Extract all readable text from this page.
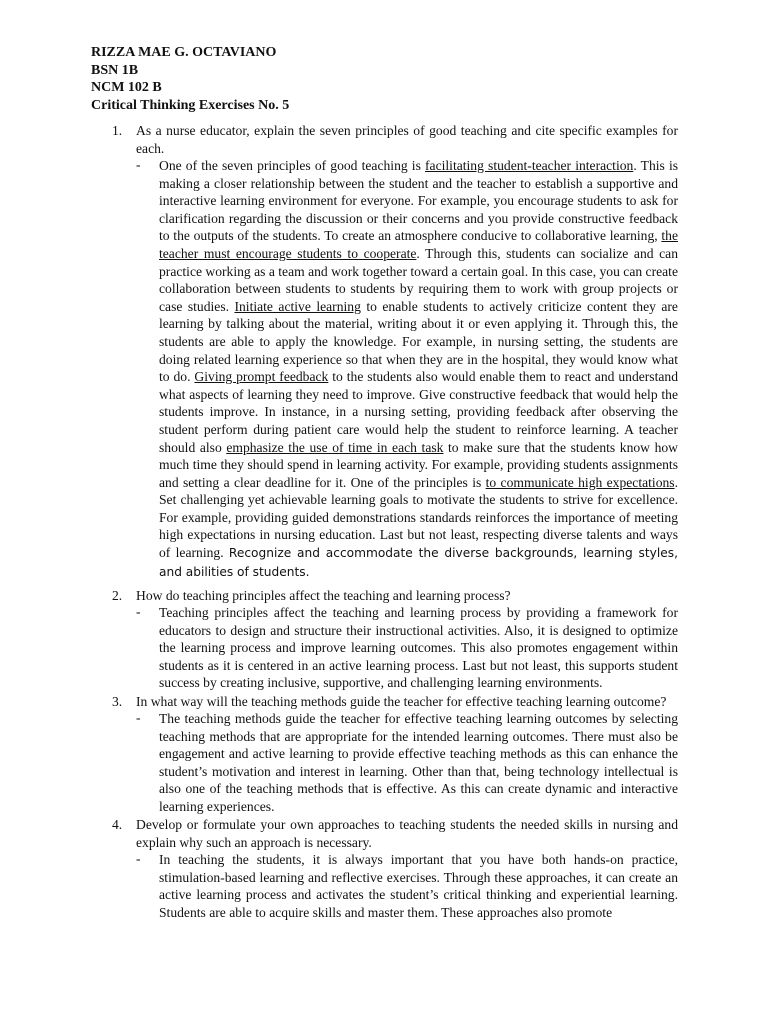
RIZZA MAE G. OCTAVIANO
BSN 1B
NCM 102 B
Critical Thinking Exercises No. 5
1. As a nurse educator, explain the seven principles of good teaching and cite specific examples for each.
- One of the seven principles of good teaching is facilitating student-teacher interaction. This is making a closer relationship between the student and the teacher to establish a supportive and interactive learning environment for everyone. For example, you encourage students to ask for clarification regarding the discussion or their concerns and you provide constructive feedback to the outputs of the students. To create an atmosphere conducive to collaborative learning, the teacher must encourage students to cooperate. Through this, students can socialize and can practice working as a team and work together toward a certain goal. In this case, you can create collaboration between students to students by requiring them to work with group projects or case studies. Initiate active learning to enable students to actively criticize content they are learning by talking about the material, writing about it or even applying it. Through this, the students are able to apply the knowledge. For example, in nursing setting, the students are doing related learning experience so that when they are in the hospital, they would know what to do. Giving prompt feedback to the students also would enable them to react and understand what aspects of learning they need to improve. Give constructive feedback that would help the students improve. In instance, in a nursing setting, providing feedback after observing the student perform during patient care would help the student to reinforce learning. A teacher should also emphasize the use of time in each task to make sure that the students know how much time they should spend in learning activity. For example, providing students assignments and setting a clear deadline for it. One of the principles is to communicate high expectations. Set challenging yet achievable learning goals to motivate the students to strive for excellence. For example, providing guided demonstrations standards reinforces the importance of meeting high expectations in nursing education. Last but not least, respecting diverse talents and ways of learning. Recognize and accommodate the diverse backgrounds, learning styles, and abilities of students.
2. How do teaching principles affect the teaching and learning process?
- Teaching principles affect the teaching and learning process by providing a framework for educators to design and structure their instructional activities. Also, it is designed to optimize the learning process and improve learning outcomes. This also promotes engagement within students as it is centered in an active learning process. Last but not least, this supports student success by creating inclusive, supportive, and challenging learning environments.
3. In what way will the teaching methods guide the teacher for effective teaching learning outcome?
- The teaching methods guide the teacher for effective teaching learning outcomes by selecting teaching methods that are appropriate for the intended learning outcomes. There must also be engagement and active learning to provide effective teaching methods as this can enhance the student’s motivation and interest in learning. Other than that, being technology intellectual is also one of the teaching methods that is effective. As this can create dynamic and interactive learning experiences.
4. Develop or formulate your own approaches to teaching students the needed skills in nursing and explain why such an approach is necessary.
- In teaching the students, it is always important that you have both hands-on practice, stimulation-based learning and reflective exercises. Through these approaches, it can create an active learning process and activates the student’s critical thinking and experiential learning. Students are able to acquire skills and master them. These approaches also promote
